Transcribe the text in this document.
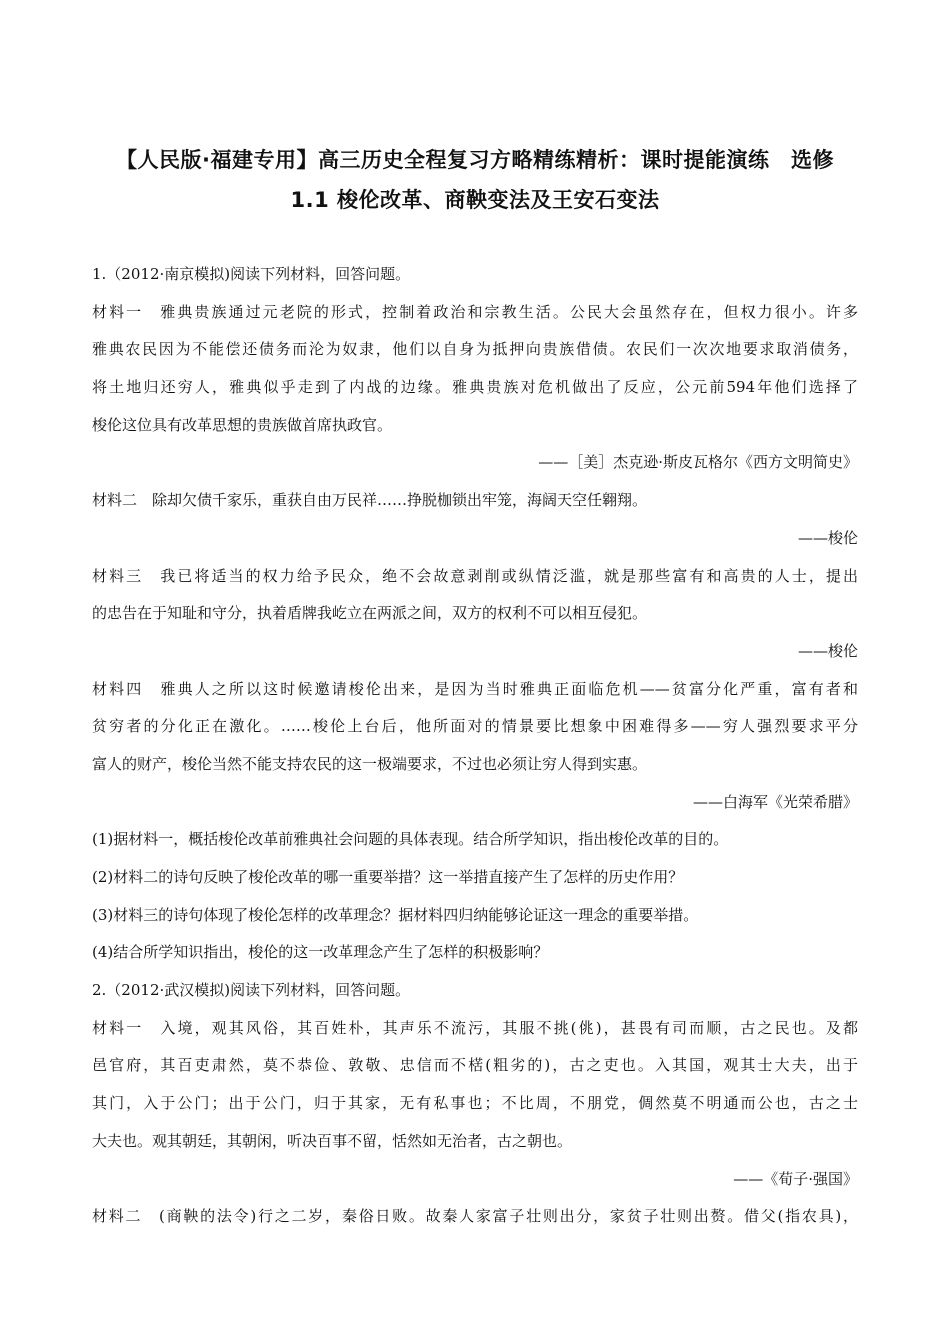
【人民版·福建专用】高三历史全程复习方略精练精析：课时提能演练　选修
1.1 梭伦改革、商鞅变法及王安石变法
1.（2012·南京模拟)阅读下列材料，回答问题。
材料一　雅典贵族通过元老院的形式，控制着政治和宗教生活。公民大会虽然存在，但权力很小。许多
雅典农民因为不能偿还债务而沦为奴隶，他们以自身为抵押向贵族借债。农民们一次次地要求取消债务，
将土地归还穷人，雅典似乎走到了内战的边缘。雅典贵族对危机做出了反应，公元前594年他们选择了
梭伦这位具有改革思想的贵族做首席执政官。
——［美］杰克逊·斯皮瓦格尔《西方文明简史》
材料二　除却欠债千家乐，重获自由万民祥……挣脱枷锁出牢笼，海阔天空任翱翔。
——梭伦
材料三　我已将适当的权力给予民众，绝不会故意剥削或纵情泛滥，就是那些富有和高贵的人士，提出
的忠告在于知耻和守分，执着盾牌我屹立在两派之间，双方的权利不可以相互侵犯。
——梭伦
材料四　雅典人之所以这时候邀请梭伦出来，是因为当时雅典正面临危机——贫富分化严重，富有者和
贫穷者的分化正在激化。……梭伦上台后，他所面对的情景要比想象中困难得多——穷人强烈要求平分
富人的财产，梭伦当然不能支持农民的这一极端要求，不过也必须让穷人得到实惠。
——白海军《光荣希腊》
(1)据材料一，概括梭伦改革前雅典社会问题的具体表现。结合所学知识，指出梭伦改革的目的。
(2)材料二的诗句反映了梭伦改革的哪一重要举措？这一举措直接产生了怎样的历史作用？
(3)材料三的诗句体现了梭伦怎样的改革理念？据材料四归纳能够论证这一理念的重要举措。
(4)结合所学知识指出，梭伦的这一改革理念产生了怎样的积极影响？
2.（2012·武汉模拟)阅读下列材料，回答问题。
材料一　入境，观其风俗，其百姓朴，其声乐不流污，其服不挑(佻)，甚畏有司而顺，古之民也。及都
邑官府，其百吏肃然，莫不恭俭、敦敬、忠信而不楛(粗劣的)，古之吏也。入其国，观其士大夫，出于
其门，入于公门；出于公门，归于其家，无有私事也；不比周，不朋党，倜然莫不明通而公也，古之士
大夫也。观其朝廷，其朝闲，听决百事不留，恬然如无治者，古之朝也。
——《荀子·强国》
材料二　(商鞅的法令)行之二岁，秦俗日败。故秦人家富子壮则出分，家贫子壮则出赘。借父(指农具)，
